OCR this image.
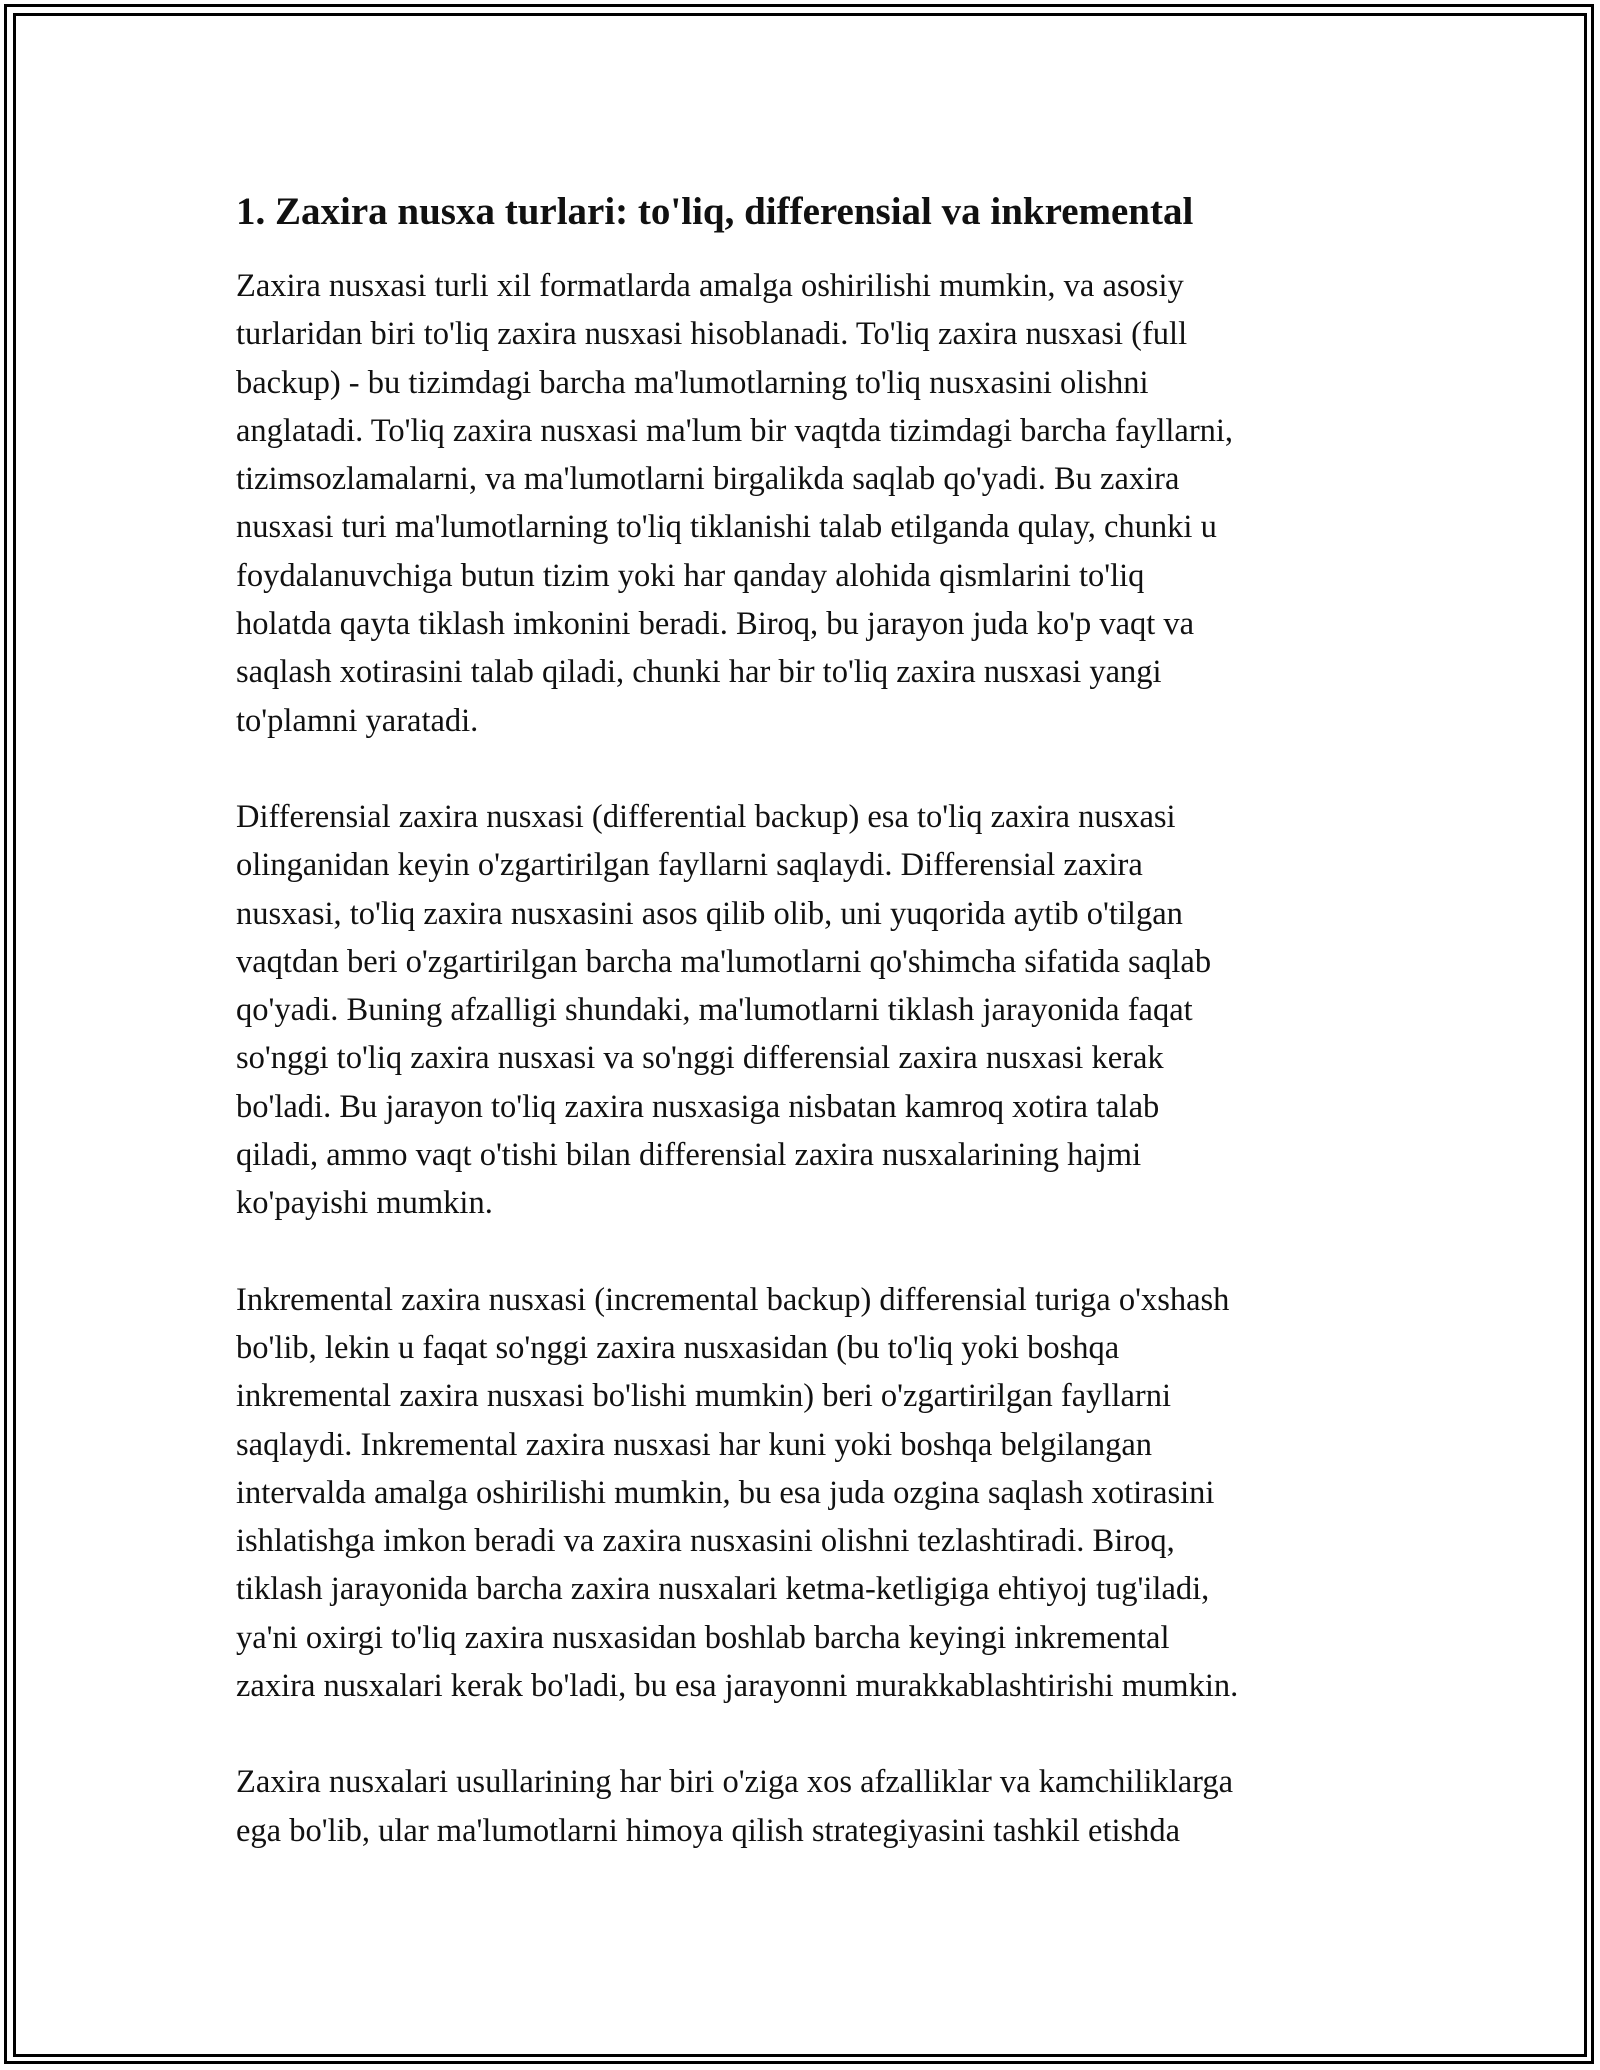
1. Zaxira nusxa turlari: to'liq, differensial va inkremental
Zaxira nusxasi turli xil formatlarda amalga oshirilishi mumkin, va asosiy
turlaridan biri to'liq zaxira nusxasi hisoblanadi. To'liq zaxira nusxasi (full
backup) - bu tizimdagi barcha ma'lumotlarning to'liq nusxasini olishni
anglatadi. To'liq zaxira nusxasi ma'lum bir vaqtda tizimdagi barcha fayllarni,
tizimsozlamalarni, va ma'lumotlarni birgalikda saqlab qo'yadi. Bu zaxira
nusxasi turi ma'lumotlarning to'liq tiklanishi talab etilganda qulay, chunki u
foydalanuvchiga butun tizim yoki har qanday alohida qismlarini to'liq
holatda qayta tiklash imkonini beradi. Biroq, bu jarayon juda ko'p vaqt va
saqlash xotirasini talab qiladi, chunki har bir to'liq zaxira nusxasi yangi
to'plamni yaratadi.
Differensial zaxira nusxasi (differential backup) esa to'liq zaxira nusxasi
olinganidan keyin o'zgartirilgan fayllarni saqlaydi. Differensial zaxira
nusxasi, to'liq zaxira nusxasini asos qilib olib, uni yuqorida aytib o'tilgan
vaqtdan beri o'zgartirilgan barcha ma'lumotlarni qo'shimcha sifatida saqlab
qo'yadi. Buning afzalligi shundaki, ma'lumotlarni tiklash jarayonida faqat
so'nggi to'liq zaxira nusxasi va so'nggi differensial zaxira nusxasi kerak
bo'ladi. Bu jarayon to'liq zaxira nusxasiga nisbatan kamroq xotira talab
qiladi, ammo vaqt o'tishi bilan differensial zaxira nusxalarining hajmi
ko'payishi mumkin.
Inkremental zaxira nusxasi (incremental backup) differensial turiga o'xshash
bo'lib, lekin u faqat so'nggi zaxira nusxasidan (bu to'liq yoki boshqa
inkremental zaxira nusxasi bo'lishi mumkin) beri o'zgartirilgan fayllarni
saqlaydi. Inkremental zaxira nusxasi har kuni yoki boshqa belgilangan
intervalda amalga oshirilishi mumkin, bu esa juda ozgina saqlash xotirasini
ishlatishga imkon beradi va zaxira nusxasini olishni tezlashtiradi. Biroq,
tiklash jarayonida barcha zaxira nusxalari ketma-ketligiga ehtiyoj tug'iladi,
ya'ni oxirgi to'liq zaxira nusxasidan boshlab barcha keyingi inkremental
zaxira nusxalari kerak bo'ladi, bu esa jarayonni murakkablashtirishi mumkin.
Zaxira nusxalari usullarining har biri o'ziga xos afzalliklar va kamchiliklarga
ega bo'lib, ular ma'lumotlarni himoya qilish strategiyasini tashkil etishda
